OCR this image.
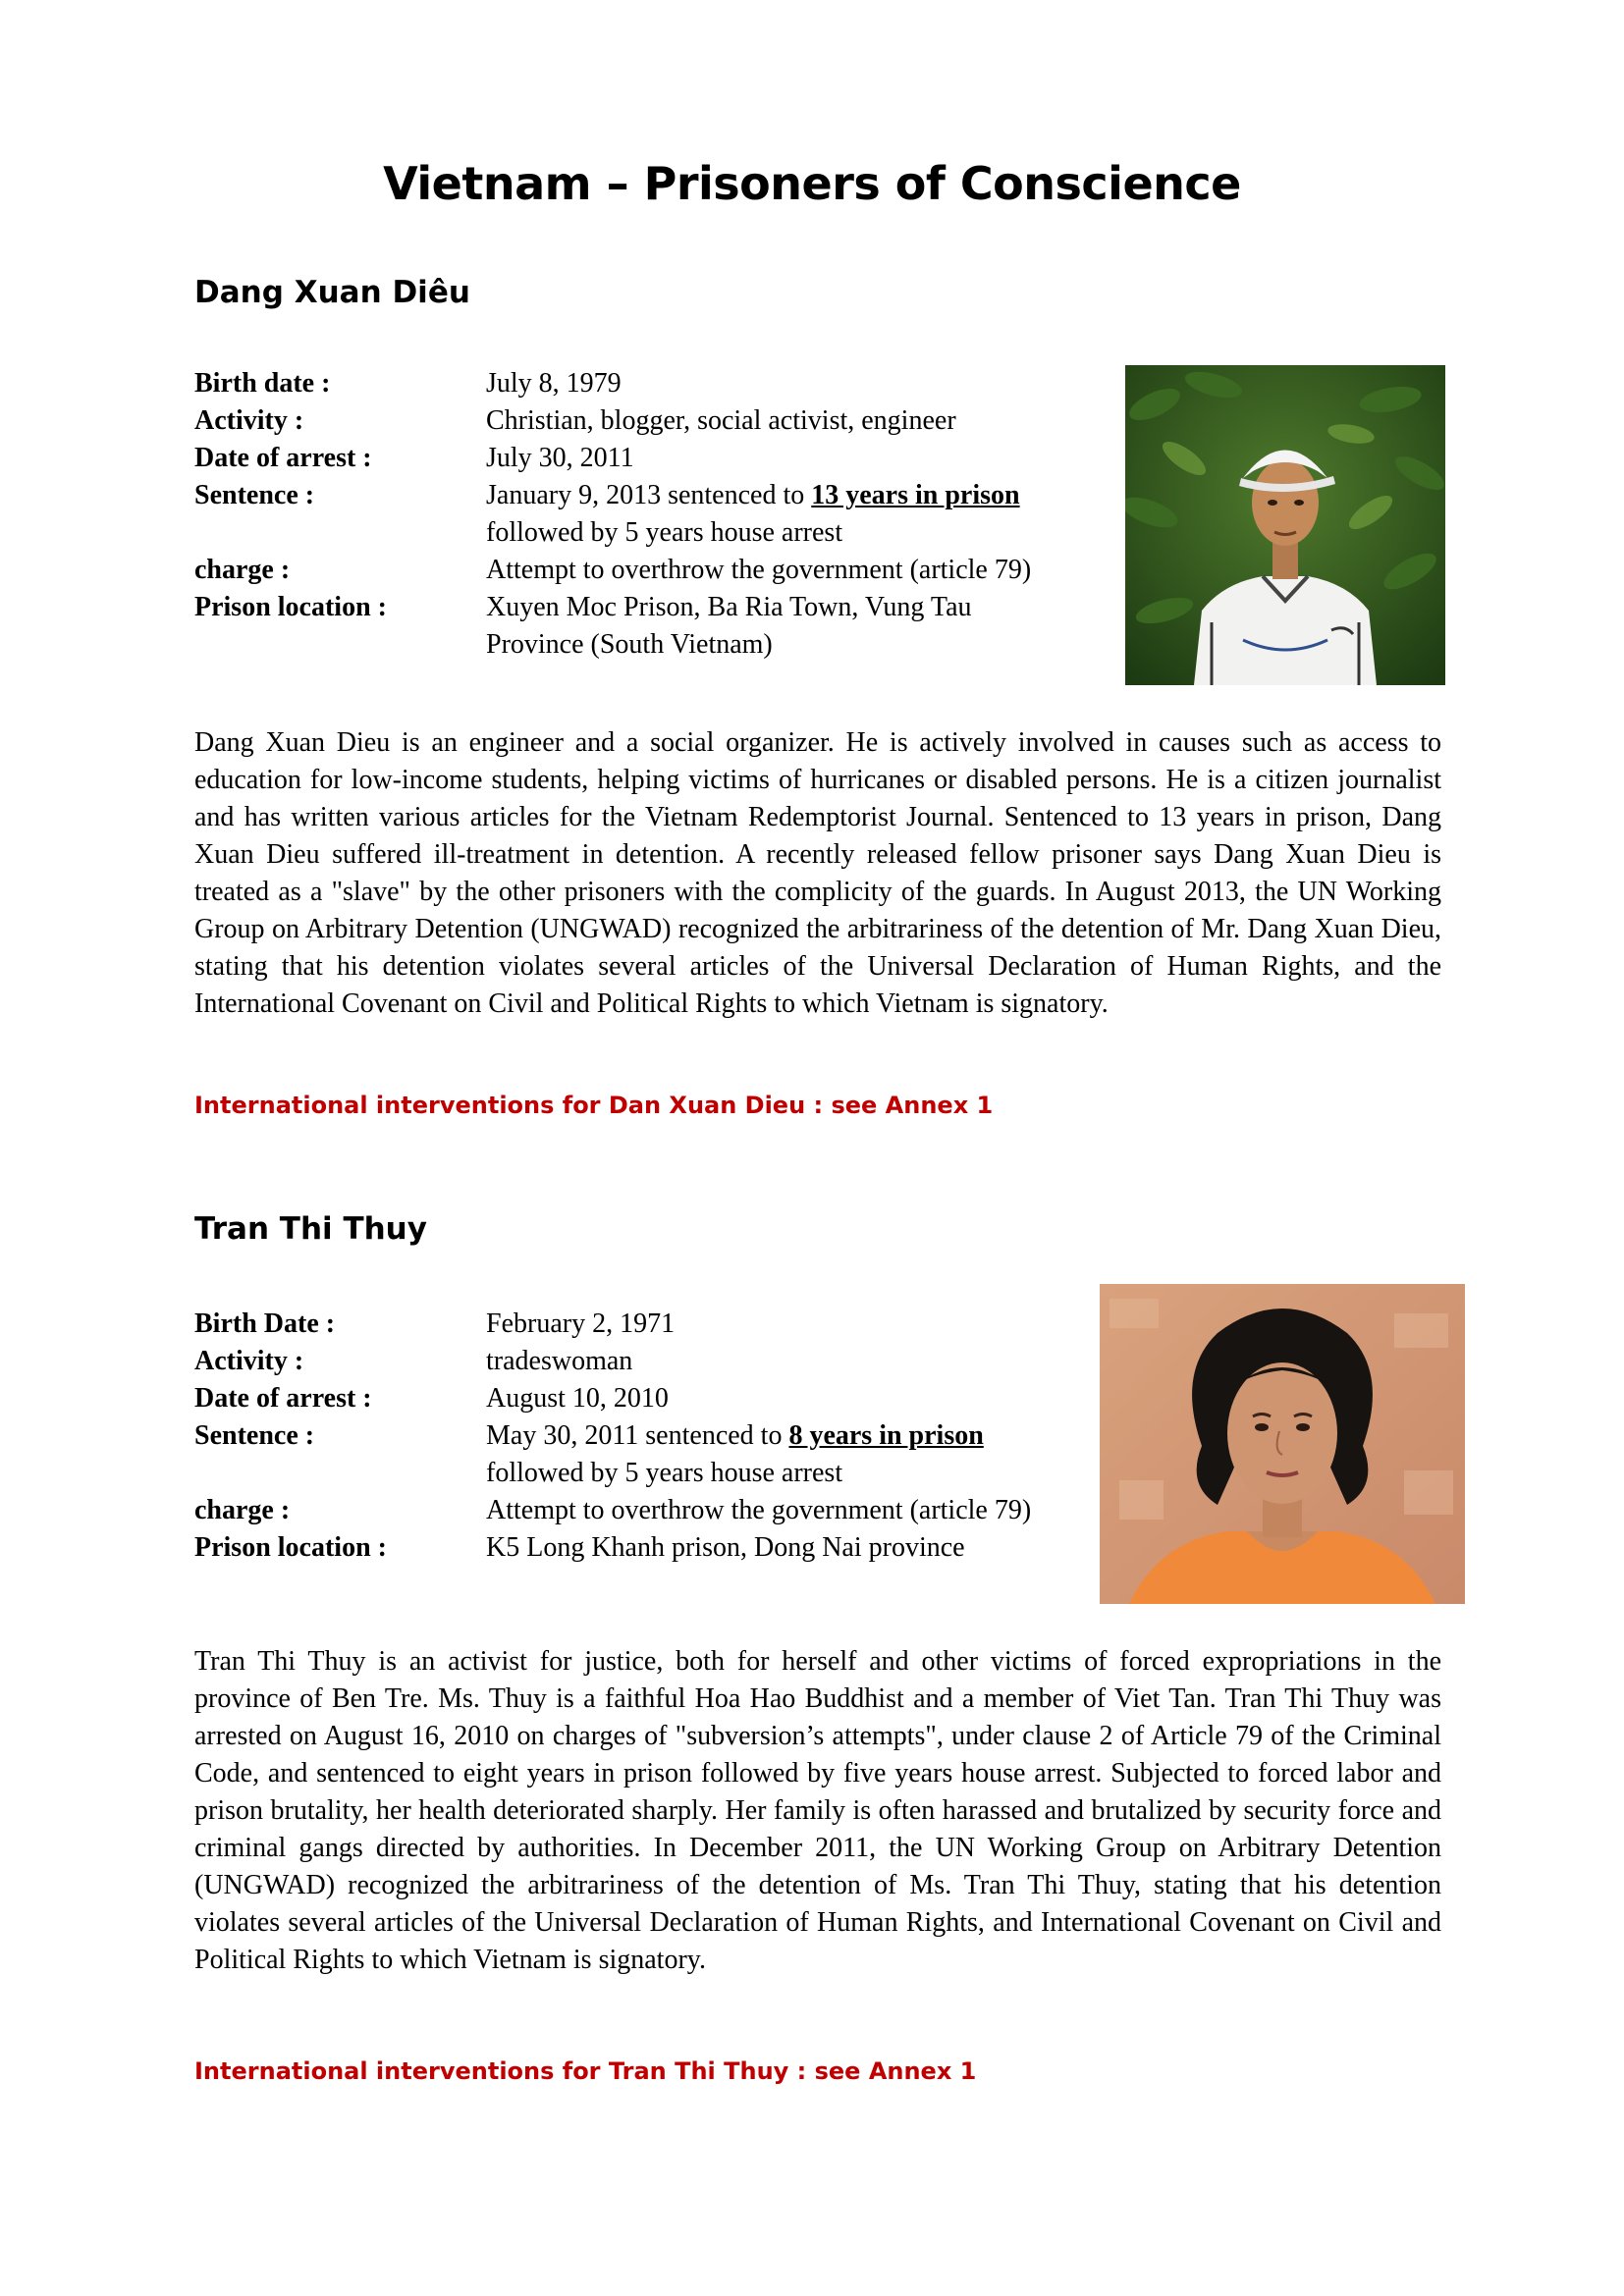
Vietnam – Prisoners of Conscience
Dang Xuan Diêu
Birth date :	July 8, 1979
Activity :	Christian, blogger, social activist, engineer
Date of arrest :	July 30, 2011
Sentence :	January 9, 2013 sentenced to 13 years in prison followed by 5 years house arrest
charge :	Attempt to overthrow the government (article 79)
Prison location :	Xuyen Moc Prison, Ba Ria Town, Vung Tau Province (South Vietnam)

Dang Xuan Dieu is an engineer and a social organizer. He is actively involved in causes such as access to education for low-income students, helping victims of hurricanes or disabled persons. He is a citizen journalist and has written various articles for the Vietnam Redemptorist Journal. Sentenced to 13 years in prison, Dang Xuan Dieu suffered ill-treatment in detention. A recently released fellow prisoner says Dang Xuan Dieu is treated as a "slave" by the other prisoners with the complicity of the guards. In August 2013, the UN Working Group on Arbitrary Detention (UNGWAD) recognized the arbitrariness of the detention of Mr. Dang Xuan Dieu, stating that his detention violates several articles of the Universal Declaration of Human Rights, and the International Covenant on Civil and Political Rights to which Vietnam is signatory.

International interventions for Dan Xuan Dieu : see Annex 1
Tran Thi Thuy
Birth Date :	February 2, 1971
Activity :	tradeswoman
Date of arrest :	August 10, 2010
Sentence :	May 30, 2011 sentenced to 8 years in prison followed by 5 years house arrest
charge :	Attempt to overthrow the government (article 79)
Prison location :	K5 Long Khanh prison, Dong Nai province

Tran Thi Thuy is an activist for justice, both for herself and other victims of forced expropriations in the province of Ben Tre. Ms. Thuy is a faithful Hoa Hao Buddhist and a member of Viet Tan. Tran Thi Thuy was arrested on August 16, 2010 on charges of "subversion’s attempts", under clause 2 of Article 79 of the Criminal Code, and sentenced to eight years in prison followed by five years house arrest. Subjected to forced labor and prison brutality, her health deteriorated sharply. Her family is often harassed and brutalized by security force and criminal gangs directed by authorities. In December 2011, the UN Working Group on Arbitrary Detention (UNGWAD) recognized the arbitrariness of the detention of Ms. Tran Thi Thuy, stating that his detention violates several articles of the Universal Declaration of Human Rights, and International Covenant on Civil and Political Rights to which Vietnam is signatory.

International interventions for Tran Thi Thuy : see Annex 1
